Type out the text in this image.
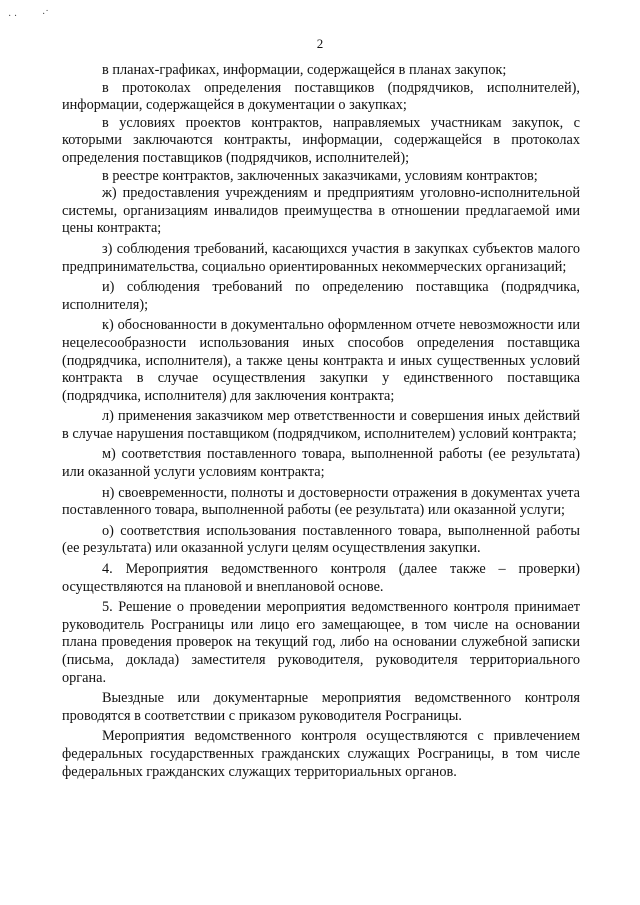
· · ·˙
2

в планах-графиках, информации, содержащейся в планах закупок;

в протоколах определения поставщиков (подрядчиков, исполнителей), информации, содержащейся в документации о закупках;

в условиях проектов контрактов, направляемых участникам закупок, с которыми заключаются контракты, информации, содержащейся в протоколах определения поставщиков (подрядчиков, исполнителей);

в реестре контрактов, заключенных заказчиками, условиям контрактов;

ж) предоставления учреждениям и предприятиям уголовно-исполнительной системы, организациям инвалидов преимущества в отношении предлагаемой ими цены контракта;

з) соблюдения требований, касающихся участия в закупках субъектов малого предпринимательства, социально ориентированных некоммерческих организаций;

и) соблюдения требований по определению поставщика (подрядчика, исполнителя);

к) обоснованности в документально оформленном отчете невозможности или нецелесообразности использования иных способов определения поставщика (подрядчика, исполнителя), а также цены контракта и иных существенных условий контракта в случае осуществления закупки у единственного поставщика (подрядчика, исполнителя) для заключения контракта;

л) применения заказчиком мер ответственности и совершения иных действий в случае нарушения поставщиком (подрядчиком, исполнителем) условий контракта;

м) соответствия поставленного товара, выполненной работы (ее результата) или оказанной услуги условиям контракта;

н) своевременности, полноты и достоверности отражения в документах учета поставленного товара, выполненной работы (ее результата) или оказанной услуги;

о) соответствия использования поставленного товара, выполненной работы (ее результата) или оказанной услуги целям осуществления закупки.

4. Мероприятия ведомственного контроля (далее также – проверки) осуществляются на плановой и внеплановой основе.

5. Решение о проведении мероприятия ведомственного контроля принимает руководитель Росграницы или лицо его замещающее, в том числе на основании плана проведения проверок на текущий год, либо на основании служебной записки (письма, доклада) заместителя руководителя, руководителя территориального органа.

Выездные или документарные мероприятия ведомственного контроля проводятся в соответствии с приказом руководителя Росграницы.

Мероприятия ведомственного контроля осуществляются с привлечением федеральных государственных гражданских служащих Росграницы, в том числе федеральных гражданских служащих территориальных органов.
